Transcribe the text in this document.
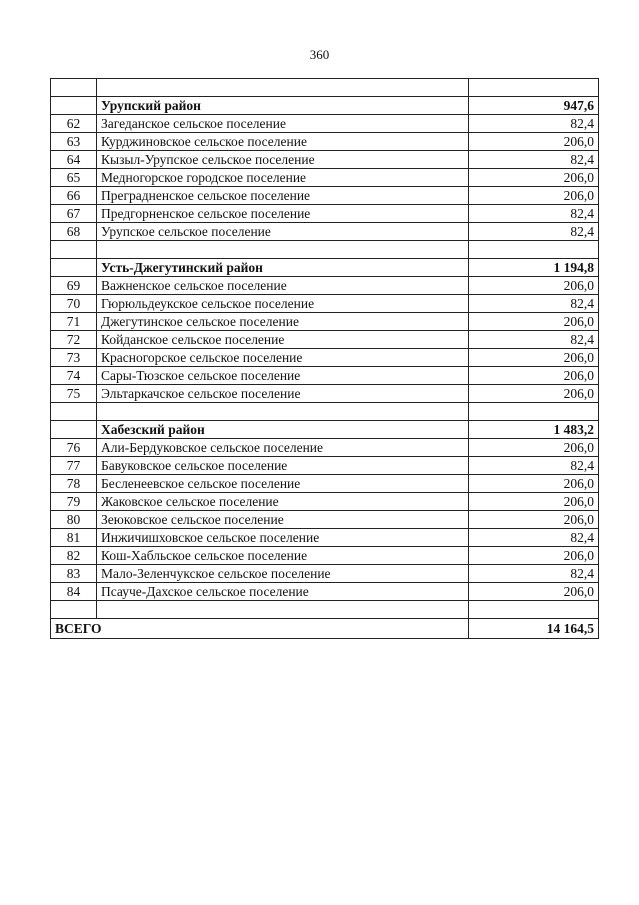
360

	Урупский район	947,6
62	Загеданское сельское поселение	82,4
63	Курджиновское сельское поселение	206,0
64	Кызыл-Урупское сельское поселение	82,4
65	Медногорское городское поселение	206,0
66	Преградненское сельское поселение	206,0
67	Предгорненское сельское поселение	82,4
68	Урупское сельское поселение	82,4

	Усть-Джегутинский район	1 194,8
69	Важненское сельское поселение	206,0
70	Гюрюльдеукское сельское поселение	82,4
71	Джегутинское сельское поселение	206,0
72	Койданское сельское поселение	82,4
73	Красногорское сельское поселение	206,0
74	Сары-Тюзское сельское поселение	206,0
75	Эльтаркачское сельское поселение	206,0

	Хабезский район	1 483,2
76	Али-Бердуковское сельское поселение	206,0
77	Бавуковское сельское поселение	82,4
78	Бесленеевское сельское поселение	206,0
79	Жаковское сельское поселение	206,0
80	Зеюковское сельское поселение	206,0
81	Инжичишховское сельское поселение	82,4
82	Кош-Хабльское сельское поселение	206,0
83	Мало-Зеленчукское сельское поселение	82,4
84	Псауче-Дахское сельское поселение	206,0

ВСЕГО		14 164,5
